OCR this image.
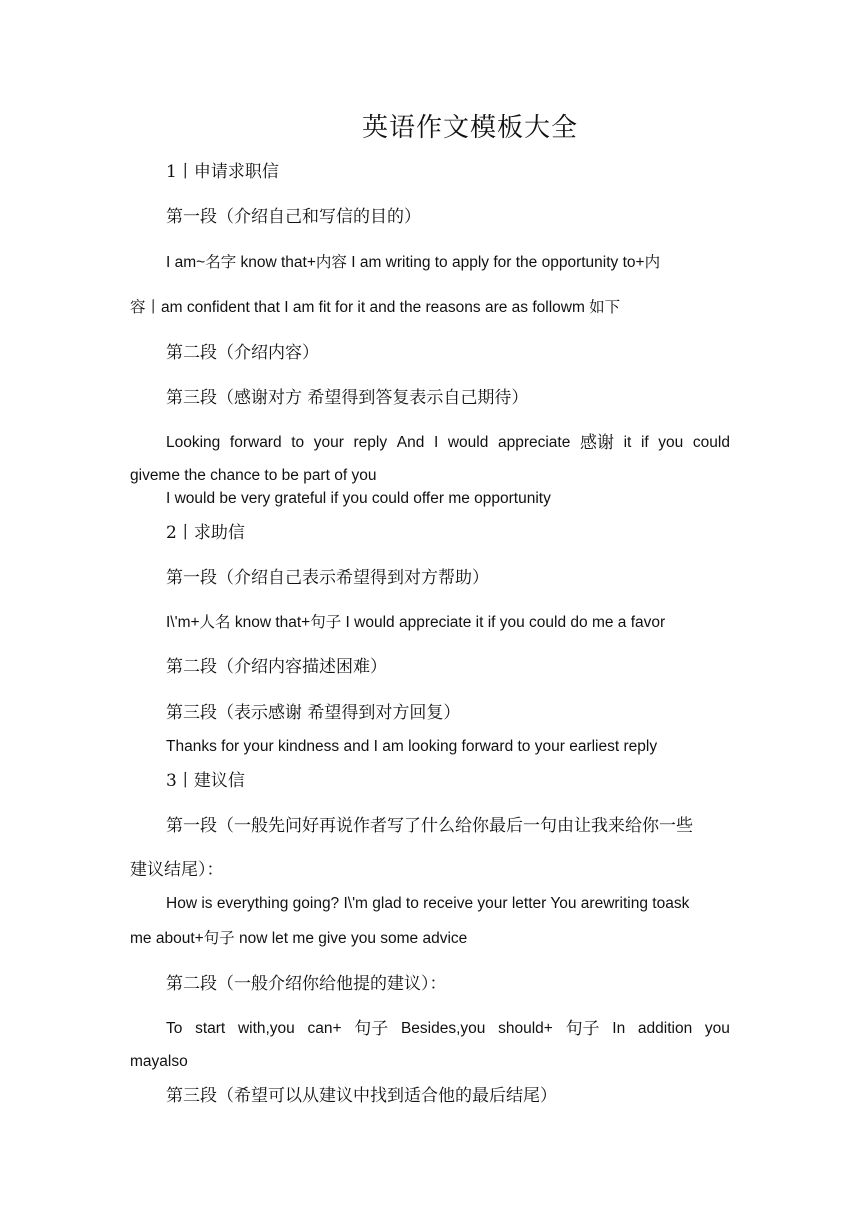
英语作文模板大全
1丨申请求职信
第一段（介绍自己和写信的目的）
I am~名字 know that+内容 I am writing to apply for the opportunity to+内
容丨am confident that I am fit for it and the reasons are as followm 如下
第二段（介绍内容）
第三段（感谢对方 希望得到答复表示自己期待）
Looking forward to your reply And I would appreciate 感谢 it if you could
giveme the chance to be part of you
I would be very grateful if you could offer me opportunity
2丨求助信
第一段（介绍自己表示希望得到对方帮助）
I\'m+人名 know that+句子 I would appreciate it if you could do me a favor
第二段（介绍内容描述困难）
第三段（表示感谢 希望得到对方回复）
Thanks for your kindness and I am looking forward to your earliest reply
3丨建议信
第一段（一般先问好再说作者写了什么给你最后一句由让我来给你一些
建议结尾）：
How is everything going? I\'m glad to receive your letter You arewriting toask
me about+句子 now let me give you some advice
第二段（一般介绍你给他提的建议）：
To start with,you can+ 句子 Besides,you should+ 句子 In addition you
mayalso
第三段（希望可以从建议中找到适合他的最后结尾）
